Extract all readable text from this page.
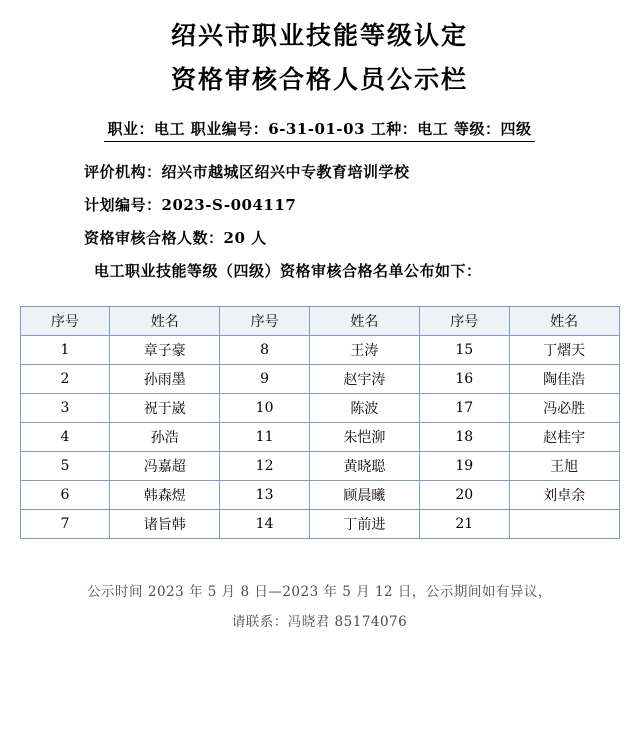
绍兴市职业技能等级认定
资格审核合格人员公示栏
职业：电工 职业编号：6-31-01-03 工种：电工 等级：四级
评价机构：绍兴市越城区绍兴中专教育培训学校
计划编号：2023-S-004117
资格审核合格人数：20 人
电工职业技能等级（四级）资格审核合格名单公布如下：
序号	姓名	序号	姓名	序号	姓名
1	章子豪	8	王涛	15	丁熠天
2	孙雨墨	9	赵宇涛	16	陶佳浩
3	祝于崴	10	陈波	17	冯必胜
4	孙浩	11	朱恺泖	18	赵桂宇
5	冯嘉超	12	黄晓聪	19	王旭
6	韩森煜	13	顾晨曦	20	刘卓余
7	诸旨韩	14	丁前进	21	
公示时间 2023 年 5 月 8 日—2023 年 5 月 12 日，公示期间如有异议，
请联系：冯晓君 85174076
